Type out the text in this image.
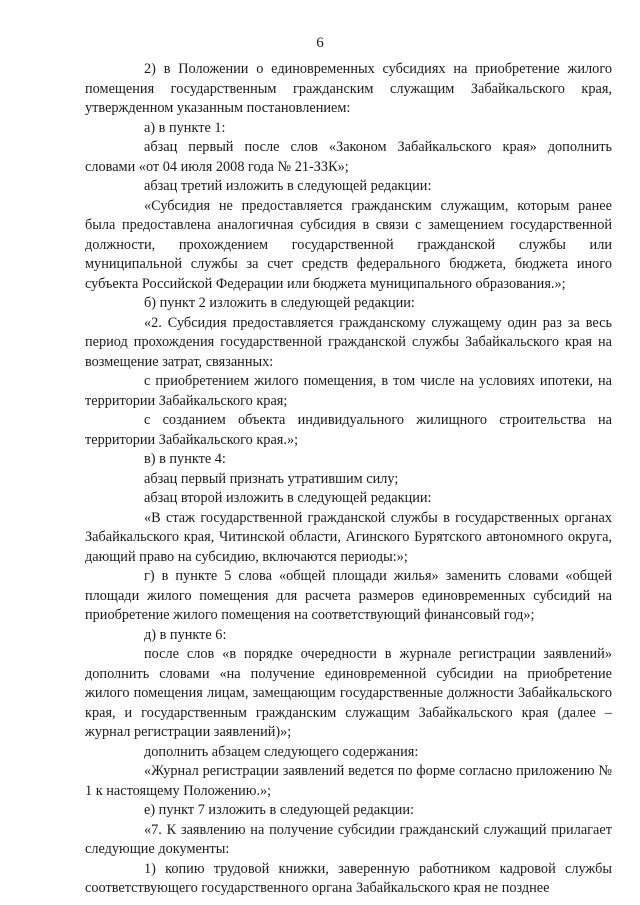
6

2) в Положении о единовременных субсидиях на приобретение жилого помещения государственным гражданским служащим Забайкальского края, утвержденном указанным постановлением:

а) в пункте 1:

абзац первый после слов «Законом Забайкальского края» дополнить словами «от 04 июля 2008 года № 21-ЗЗК»;

абзац третий изложить в следующей редакции:

«Субсидия не предоставляется гражданским служащим, которым ранее была предоставлена аналогичная субсидия в связи с замещением государственной должности, прохождением государственной гражданской службы или муниципальной службы за счет средств федерального бюджета, бюджета иного субъекта Российской Федерации или бюджета муниципального образования.»;

б) пункт 2 изложить в следующей редакции:

«2. Субсидия предоставляется гражданскому служащему один раз за весь период прохождения государственной гражданской службы Забайкальского края на возмещение затрат, связанных:

с приобретением жилого помещения, в том числе на условиях ипотеки, на территории Забайкальского края;

с созданием объекта индивидуального жилищного строительства на территории Забайкальского края.»;

в) в пункте 4:

абзац первый признать утратившим силу;

абзац второй изложить в следующей редакции:

«В стаж государственной гражданской службы в государственных органах Забайкальского края, Читинской области, Агинского Бурятского автономного округа, дающий право на субсидию, включаются периоды:»;

г) в пункте 5 слова «общей площади жилья» заменить словами «общей площади жилого помещения для расчета размеров единовременных субсидий на приобретение жилого помещения на соответствующий финансовый год»;

д) в пункте 6:

после слов «в порядке очередности в журнале регистрации заявлений» дополнить словами «на получение единовременной субсидии на приобретение жилого помещения лицам, замещающим государственные должности Забайкальского края, и государственным гражданским служащим Забайкальского края (далее – журнал регистрации заявлений)»;

дополнить абзацем следующего содержания:

«Журнал регистрации заявлений ведется по форме согласно приложению № 1 к настоящему Положению.»;

е) пункт 7 изложить в следующей редакции:

«7. К заявлению на получение субсидии гражданский служащий прилагает следующие документы:

1) копию трудовой книжки, заверенную работником кадровой службы соответствующего государственного органа Забайкальского края не позднее
